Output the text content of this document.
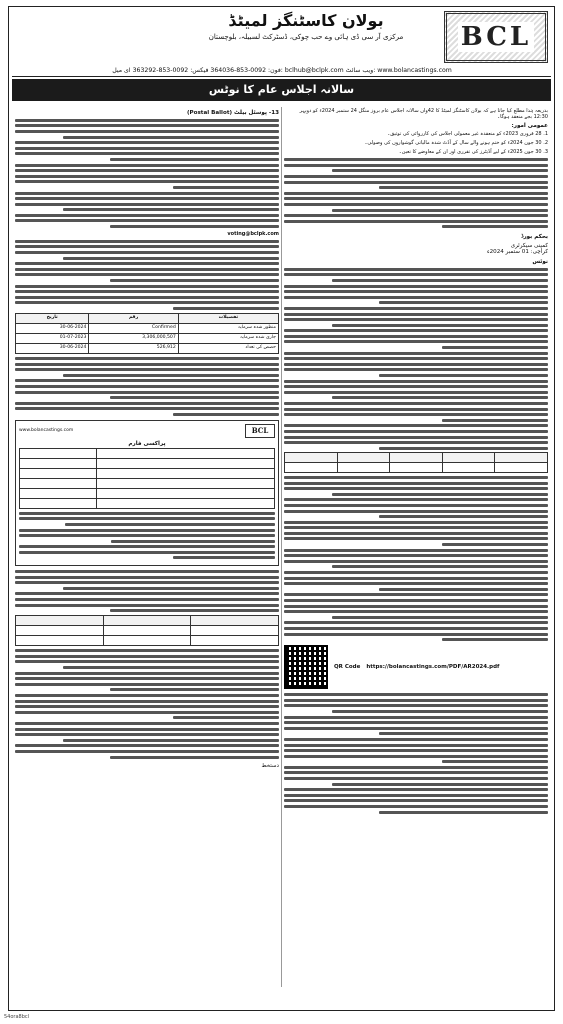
BCL
بولان کاسٹنگز لمیٹڈ
مرکزی آر سی ڈی ہائی وے حب چوکی، ڈسٹرکٹ لسبیلہ، بلوچستان
فون: 0092-853-364036 فیکس: 0092-853-363292 ای میل: bclhub@bclpk.com ویب سائٹ: www.bolancastings.com
سالانہ اجلاس عام کا نوٹس
بذریعہ ہٰذا مطلع کیا جاتا ہے کہ بولان کاسٹنگز لمیٹڈ کا 42واں سالانہ اجلاس عام بروز منگل 24 ستمبر 2024ء کو دوپہر 12:30 بجے منعقد ہوگا۔
عمومی امور:
1. 28 فروری 2023ء کو منعقدہ غیر معمولی اجلاس کی کارروائی کی توثیق۔
2. 30 جون 2024ء کو ختم ہونے والے سال کے آڈٹ شدہ مالیاتی گوشواروں کی وصولی۔
3. 30 جون 2025ء کے لیے آڈیٹرز کی تقرری اور ان کے معاوضے کا تعین۔
بحکم بورڈ
کمپنی سیکرٹری
کراچی: 01 ستمبر 2024ء
نوٹس

QR Code https://bolancastings.com/PDF/AR2024.pdf
13- پوسٹل بیلٹ (Postal Ballot)
voting@bclpk.com
تفصیلات	رقم	تاریخ
منظور شدہ سرمایہ	Confirmed	30-06-2024
جاری شدہ سرمایہ	3,306,000,507	01-07-2023
حصص کی تعداد	526,912	30-06-2024
www.bolancastings.com	BCL
پراکسی فارم

دستخط
54ora8bcl
